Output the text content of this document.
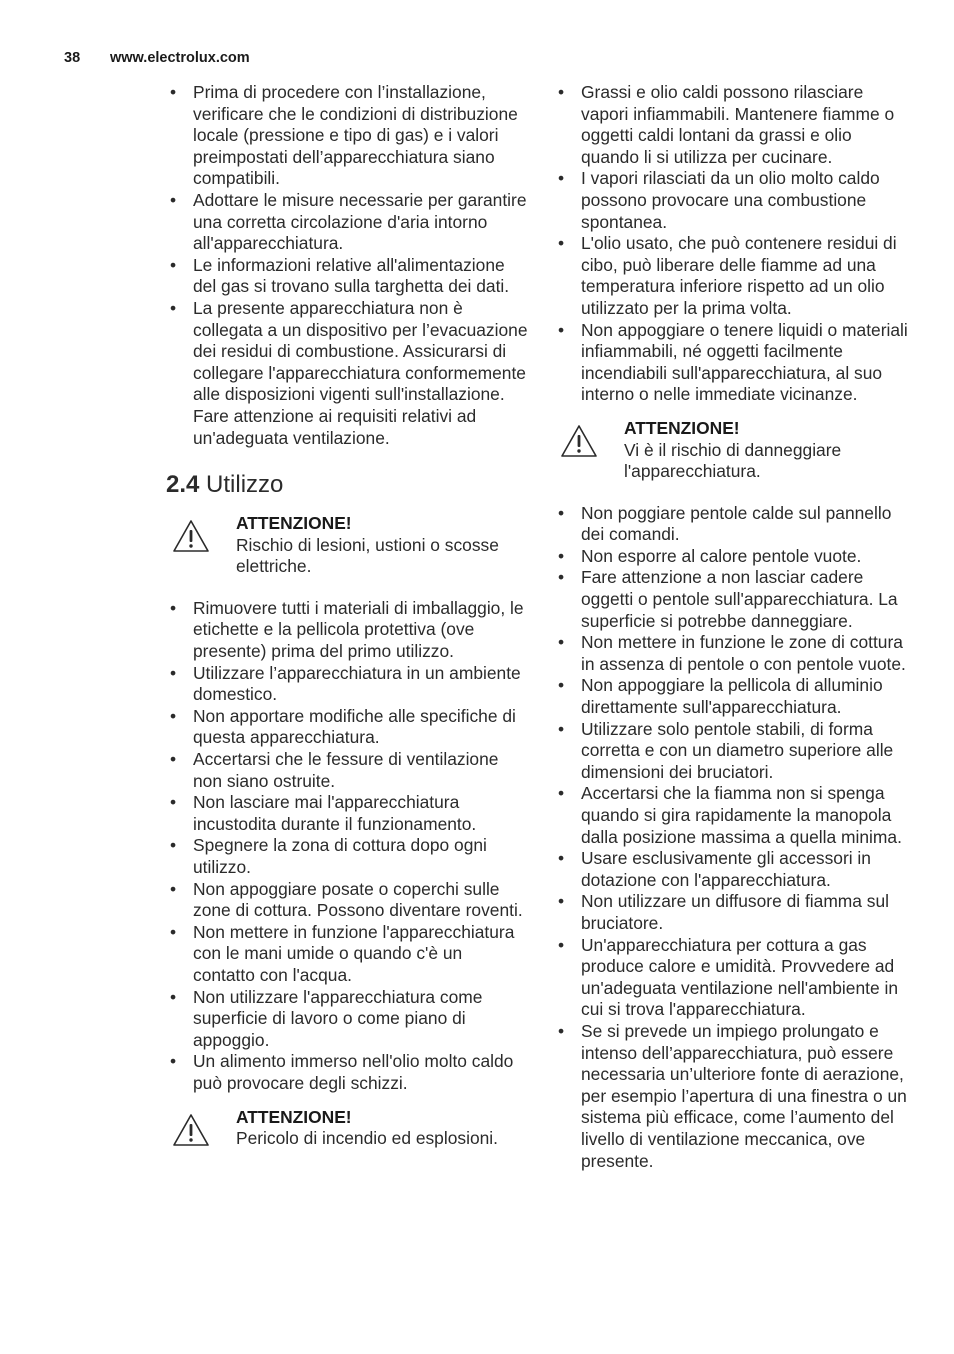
38 www.electrolux.com
• Prima di procedere con l’installazione, verificare che le condizioni di distribuzione locale (pressione e tipo di gas) e i valori preimpostati dell’apparecchiatura siano compatibili.
• Adottare le misure necessarie per garantire una corretta circolazione d'aria intorno all'apparecchiatura.
• Le informazioni relative all'alimentazione del gas si trovano sulla targhetta dei dati.
• La presente apparecchiatura non è collegata a un dispositivo per l’evacuazione dei residui di combustione. Assicurarsi di collegare l'apparecchiatura conformemente alle disposizioni vigenti sull'installazione. Fare attenzione ai requisiti relativi ad un'adeguata ventilazione.
2.4 Utilizzo
ATTENZIONE!
Rischio di lesioni, ustioni o scosse elettriche.
• Rimuovere tutti i materiali di imballaggio, le etichette e la pellicola protettiva (ove presente) prima del primo utilizzo.
• Utilizzare l’apparecchiatura in un ambiente domestico.
• Non apportare modifiche alle specifiche di questa apparecchiatura.
• Accertarsi che le fessure di ventilazione non siano ostruite.
• Non lasciare mai l'apparecchiatura incustodita durante il funzionamento.
• Spegnere la zona di cottura dopo ogni utilizzo.
• Non appoggiare posate o coperchi sulle zone di cottura. Possono diventare roventi.
• Non mettere in funzione l'apparecchiatura con le mani umide o quando c'è un contatto con l'acqua.
• Non utilizzare l'apparecchiatura come superficie di lavoro o come piano di appoggio.
• Un alimento immerso nell'olio molto caldo può provocare degli schizzi.
ATTENZIONE!
Pericolo di incendio ed esplosioni.
• Grassi e olio caldi possono rilasciare vapori infiammabili. Mantenere fiamme o oggetti caldi lontani da grassi e olio quando li si utilizza per cucinare.
• I vapori rilasciati da un olio molto caldo possono provocare una combustione spontanea.
• L'olio usato, che può contenere residui di cibo, può liberare delle fiamme ad una temperatura inferiore rispetto ad un olio utilizzato per la prima volta.
• Non appoggiare o tenere liquidi o materiali infiammabili, né oggetti facilmente incendiabili sull'apparecchiatura, al suo interno o nelle immediate vicinanze.
ATTENZIONE!
Vi è il rischio di danneggiare l'apparecchiatura.
• Non poggiare pentole calde sul pannello dei comandi.
• Non esporre al calore pentole vuote.
• Fare attenzione a non lasciar cadere oggetti o pentole sull'apparecchiatura. La superficie si potrebbe danneggiare.
• Non mettere in funzione le zone di cottura in assenza di pentole o con pentole vuote.
• Non appoggiare la pellicola di alluminio direttamente sull'apparecchiatura.
• Utilizzare solo pentole stabili, di forma corretta e con un diametro superiore alle dimensioni dei bruciatori.
• Accertarsi che la fiamma non si spenga quando si gira rapidamente la manopola dalla posizione massima a quella minima.
• Usare esclusivamente gli accessori in dotazione con l'apparecchiatura.
• Non utilizzare un diffusore di fiamma sul bruciatore.
• Un'apparecchiatura per cottura a gas produce calore e umidità. Provvedere ad un'adeguata ventilazione nell'ambiente in cui si trova l'apparecchiatura.
• Se si prevede un impiego prolungato e intenso dell’apparecchiatura, può essere necessaria un’ulteriore fonte di aerazione, per esempio l’apertura di una finestra o un sistema più efficace, come l’aumento del livello di ventilazione meccanica, ove presente.
